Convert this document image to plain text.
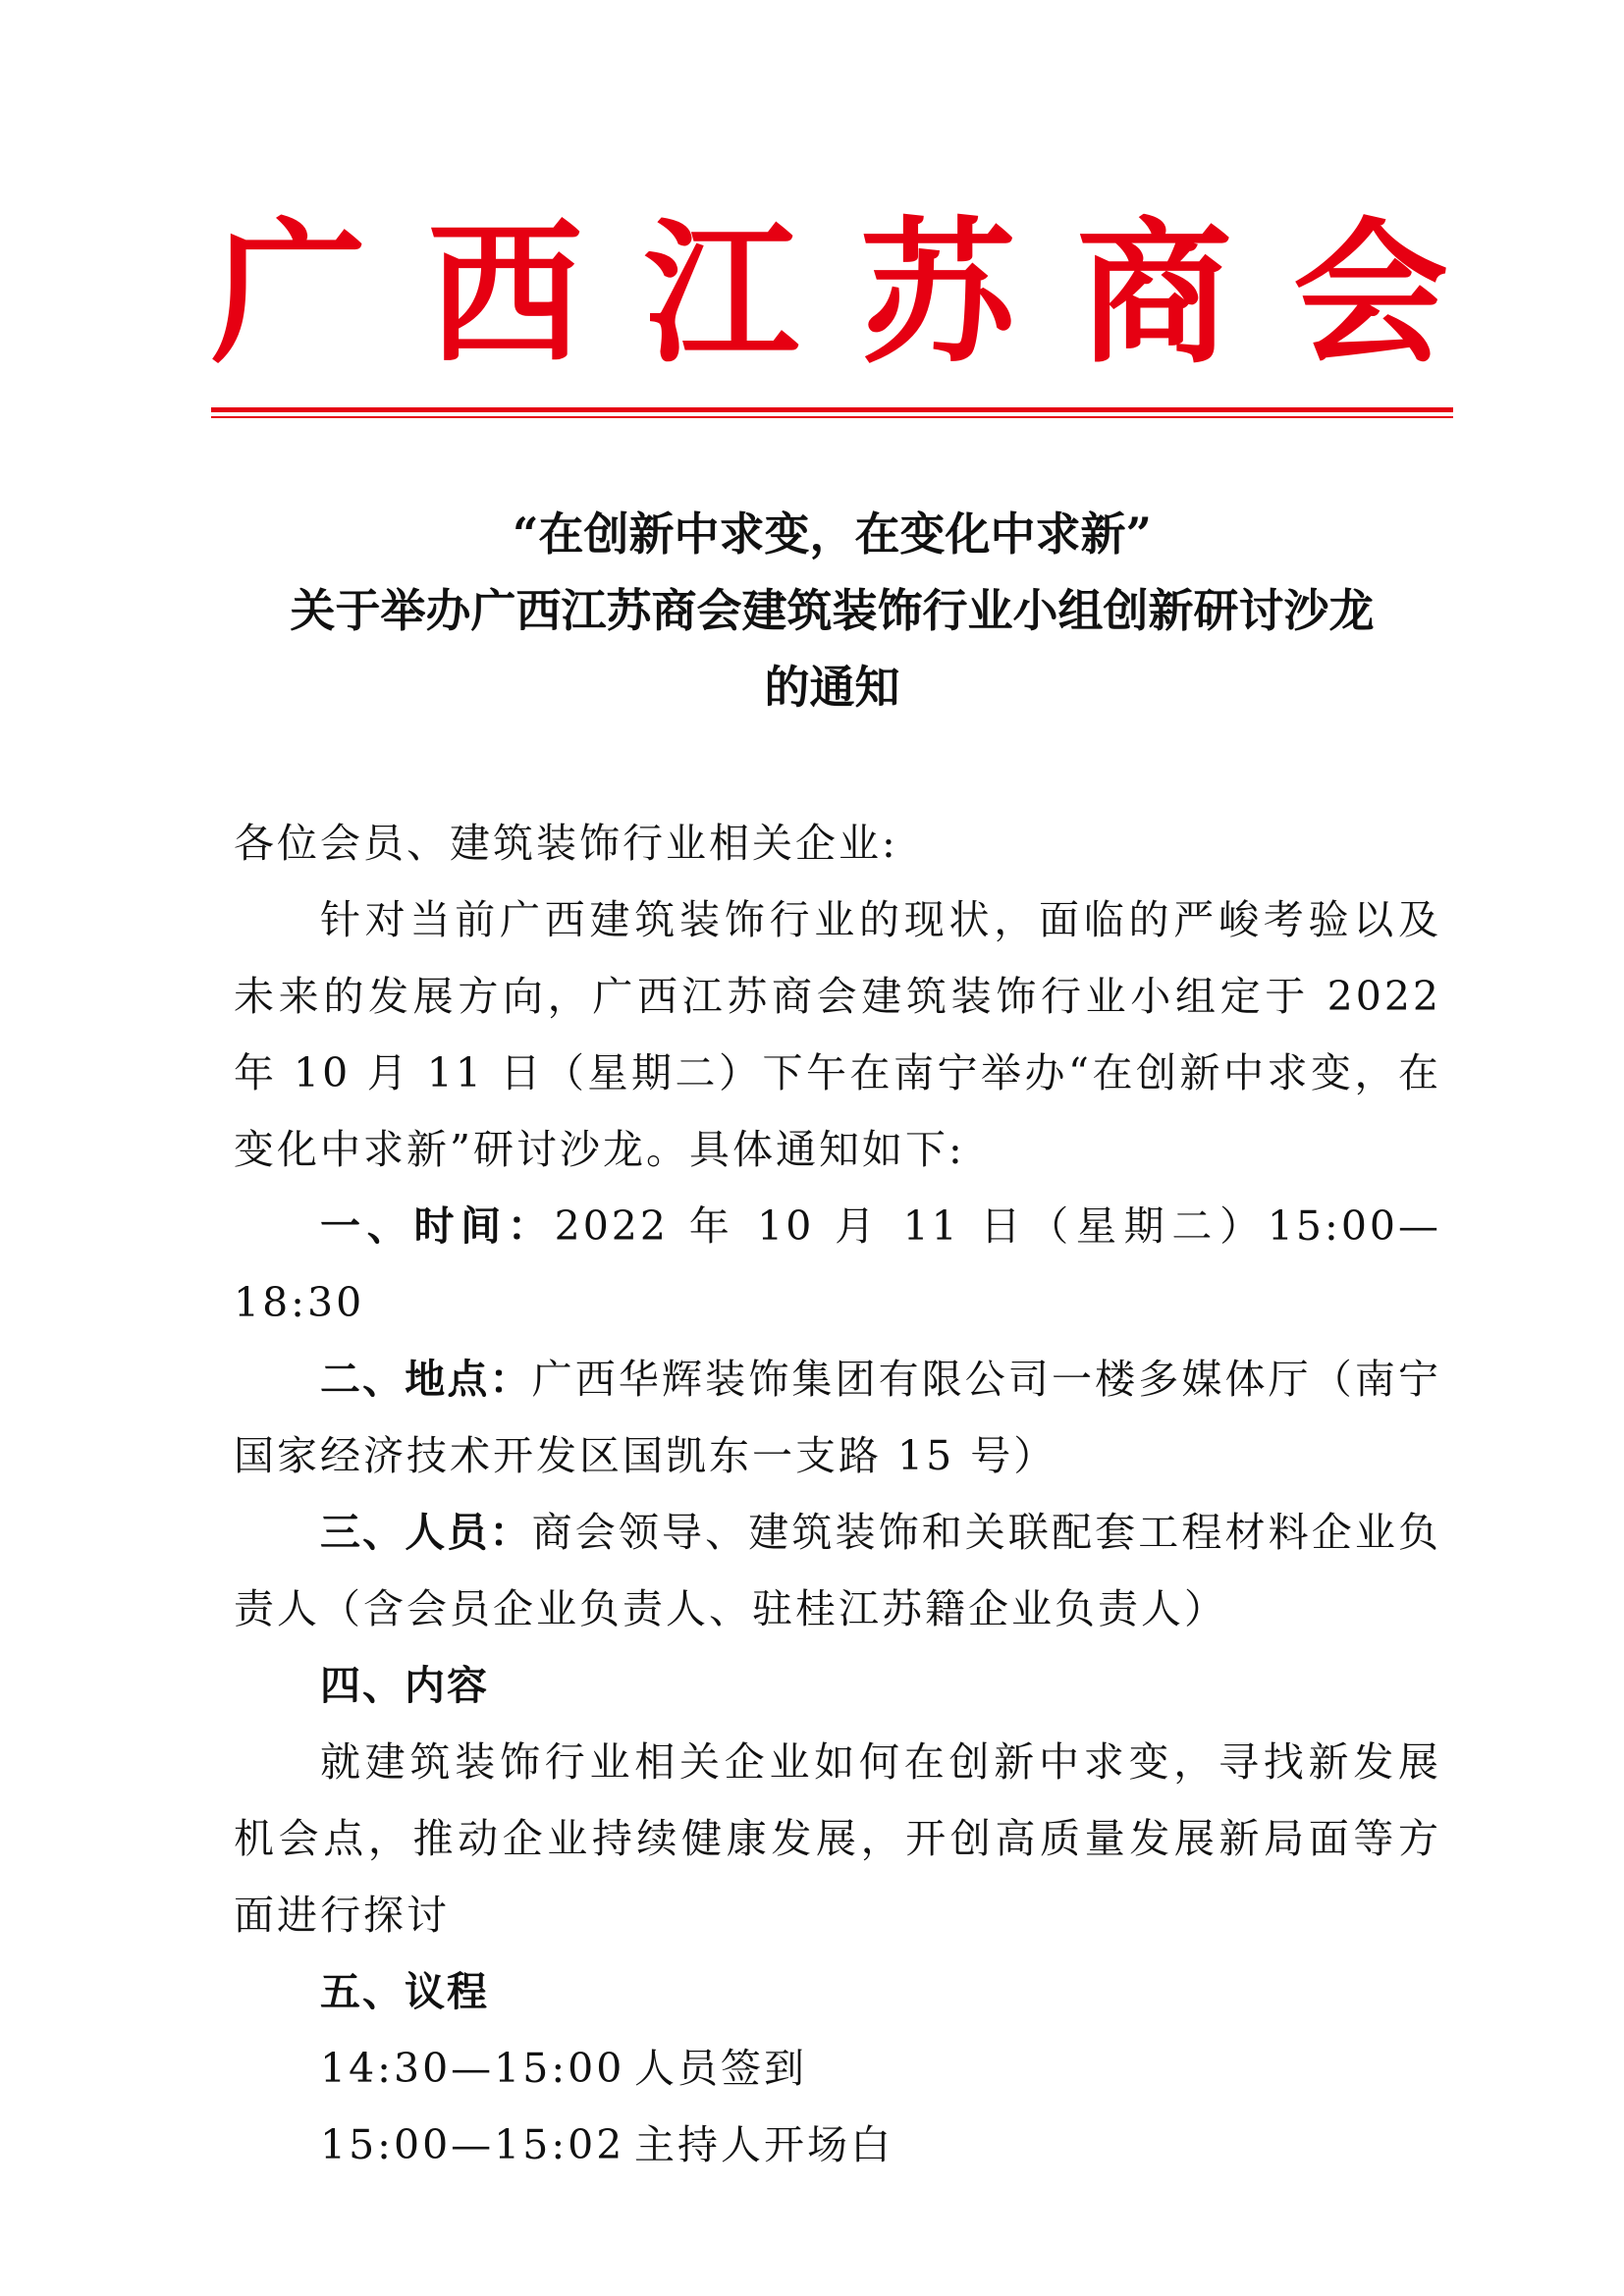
广 西 江 苏 商 会
“在创新中求变，在变化中求新”
关于举办广西江苏商会建筑装饰行业小组创新研讨沙龙
的通知

各位会员、建筑装饰行业相关企业:

针对当前广西建筑装饰行业的现状，面临的严峻考验以及未来的发展方向，广西江苏商会建筑装饰行业小组定于 2022 年 10 月 11 日（星期二）下午在南宁举办“在创新中求变，在变化中求新”研讨沙龙。具体通知如下:

一、时间：2022 年 10 月 11 日（星期二）15:00—18:30

二、地点：广西华辉装饰集团有限公司一楼多媒体厅（南宁国家经济技术开发区国凯东一支路 15 号）

三、人员：商会领导、建筑装饰和关联配套工程材料企业负责人（含会员企业负责人、驻桂江苏籍企业负责人）

四、内容

就建筑装饰行业相关企业如何在创新中求变，寻找新发展机会点，推动企业持续健康发展，开创高质量发展新局面等方面进行探讨

五、议程

14:30—15:00 人员签到

15:00—15:02 主持人开场白
